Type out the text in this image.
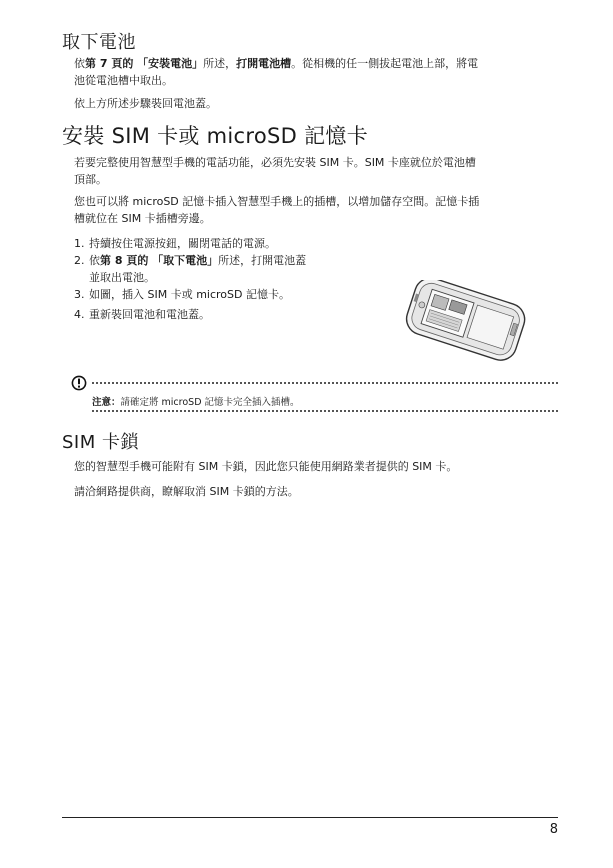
取下電池

依第 7 頁的 「安裝電池」所述，打開電池槽。從相機的任一側拔起電池上部，將電
池從電池槽中取出。

依上方所述步驟裝回電池蓋。

安裝 SIM 卡或 microSD 記憶卡

若要完整使用智慧型手機的電話功能，必須先安裝 SIM 卡。SIM 卡座就位於電池槽
頂部。

您也可以將 microSD 記憶卡插入智慧型手機上的插槽，以增加儲存空間。記憶卡插
槽就位在 SIM 卡插槽旁邊。

1. 持續按住電源按鈕，關閉電話的電源。
2. 依第 8 頁的 「取下電池」所述，打開電池蓋
並取出電池。
3. 如圖，插入 SIM 卡或 microSD 記憶卡。
4. 重新裝回電池和電池蓋。
注意：請確定將 microSD 記憶卡完全插入插槽。
SIM 卡鎖

您的智慧型手機可能附有 SIM 卡鎖，因此您只能使用網路業者提供的 SIM 卡。

請洽網路提供商，瞭解取消 SIM 卡鎖的方法。

8
